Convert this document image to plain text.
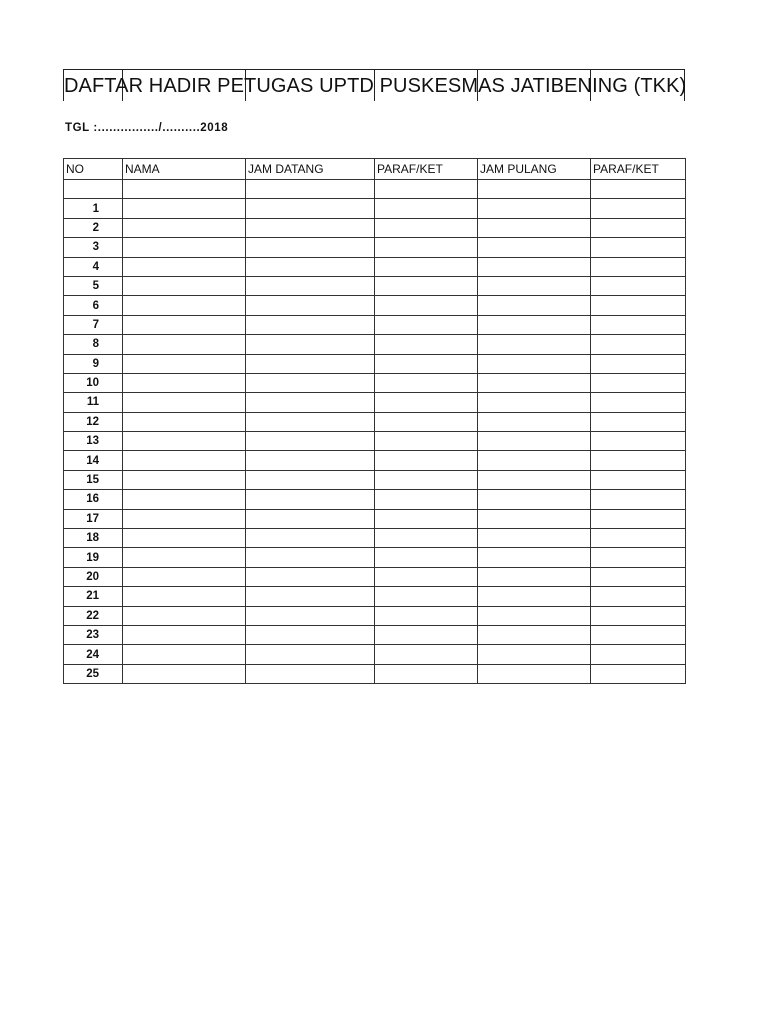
DAFTAR HADIR PETUGAS UPTD PUSKESMAS JATIBENING (TKK)
TGL :................/..........2018
NO	NAMA	JAM DATANG	PARAF/KET	JAM PULANG	PARAF/KET

1					
2					
3					
4					
5					
6					
7					
8					
9					
10					
11					
12					
13					
14					
15					
16					
17					
18					
19					
20					
21					
22					
23					
24					
25					
